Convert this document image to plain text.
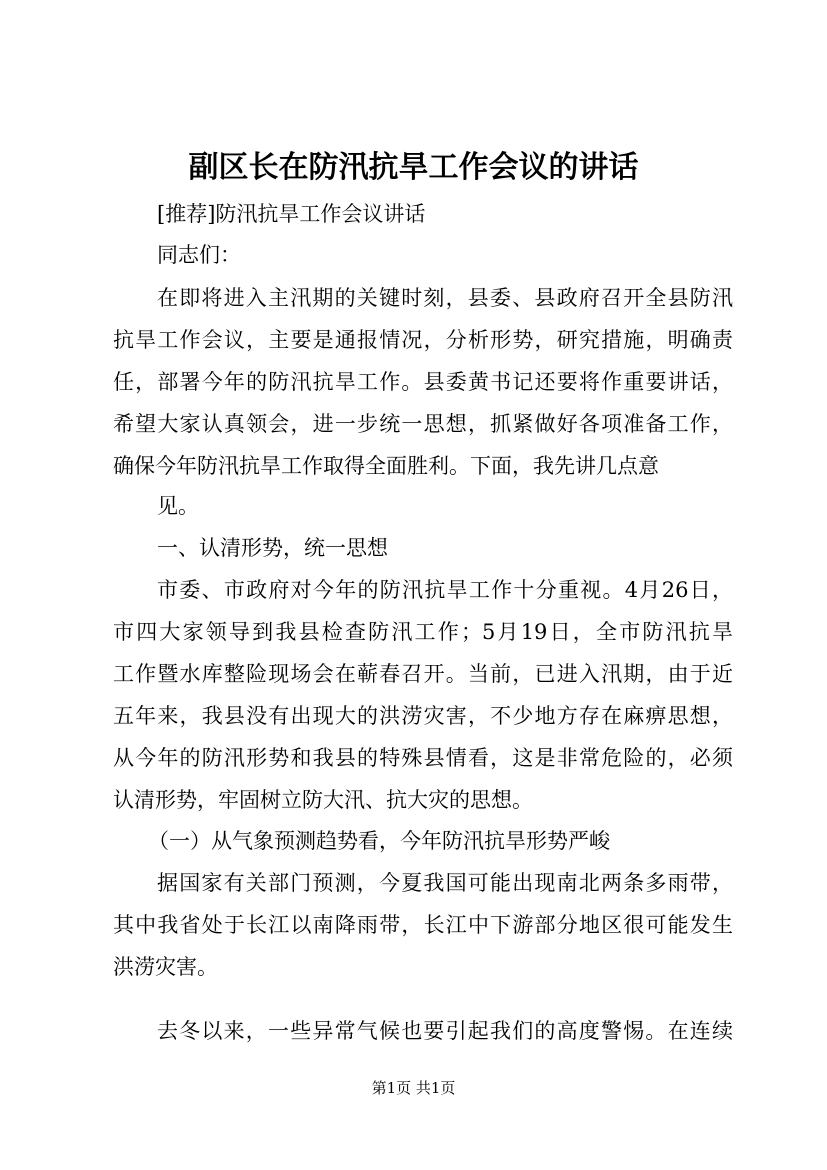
副区长在防汛抗旱工作会议的讲话
[推荐]防汛抗旱工作会议讲话
同志们：
在即将进入主汛期的关键时刻，县委、县政府召开全县防汛
抗旱工作会议，主要是通报情况，分析形势，研究措施，明确责
任，部署今年的防汛抗旱工作。县委黄书记还要将作重要讲话，
希望大家认真领会，进一步统一思想，抓紧做好各项准备工作，
确保今年防汛抗旱工作取得全面胜利。下面，我先讲几点意
见。
一、认清形势，统一思想
市委、市政府对今年的防汛抗旱工作十分重视。4月26日，
市四大家领导到我县检查防汛工作；5月19日，全市防汛抗旱
工作暨水库整险现场会在蕲春召开。当前，已进入汛期，由于近
五年来，我县没有出现大的洪涝灾害，不少地方存在麻痹思想，
从今年的防汛形势和我县的特殊县情看，这是非常危险的，必须
认清形势，牢固树立防大汛、抗大灾的思想。
（一）从气象预测趋势看，今年防汛抗旱形势严峻
据国家有关部门预测，今夏我国可能出现南北两条多雨带，
其中我省处于长江以南降雨带，长江中下游部分地区很可能发生
洪涝灾害。
去冬以来，一些异常气候也要引起我们的高度警惕。在连续
第1页 共1页
